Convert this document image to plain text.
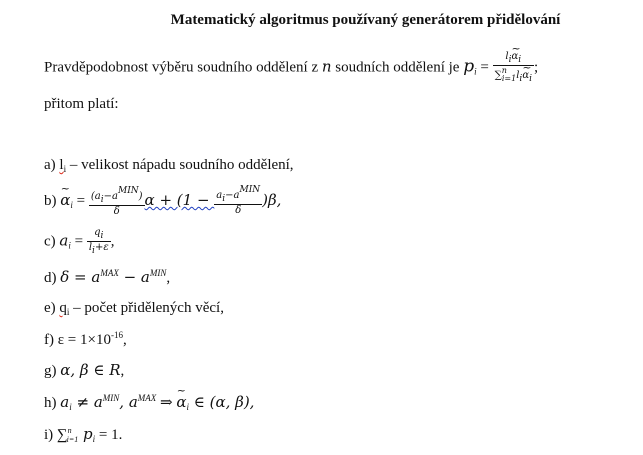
Matematický algoritmus používaný generátorem přidělování
Pravděpodobnost výběru soudního oddělení z n soudních oddělení je $p_i = \frac{li\sim \alpha i}{\sum^n_{i=1}li\sim \alpha i}$ ;
přitom platí:
a) $l_i$ – velikost nápadu soudního oddělení,
b) ~ $\alpha_i = \frac{\text{(ai−aMIN)}}{\delta}$ $\alpha + (1 - \frac{\text{ai−aMIN}}{\delta} )\beta$,
c) $a_i = \frac{qi}{li+\varepsilon}$ ,
d) $\delta = a^{MAX} - a^{MIN}$,
e) $q_i$ – počet přidělených věcí,
f) $\varepsilon = 1\times 10^{-16}$,
g) α, β ∈ R,
h) $a_i \ne a^{MIN}$, $a^{MAX}$ ⇒ ~ $\alpha_i$ ∈ (α, β),
i) ∑$^n_{i=1}$ $p_i = 1$.
